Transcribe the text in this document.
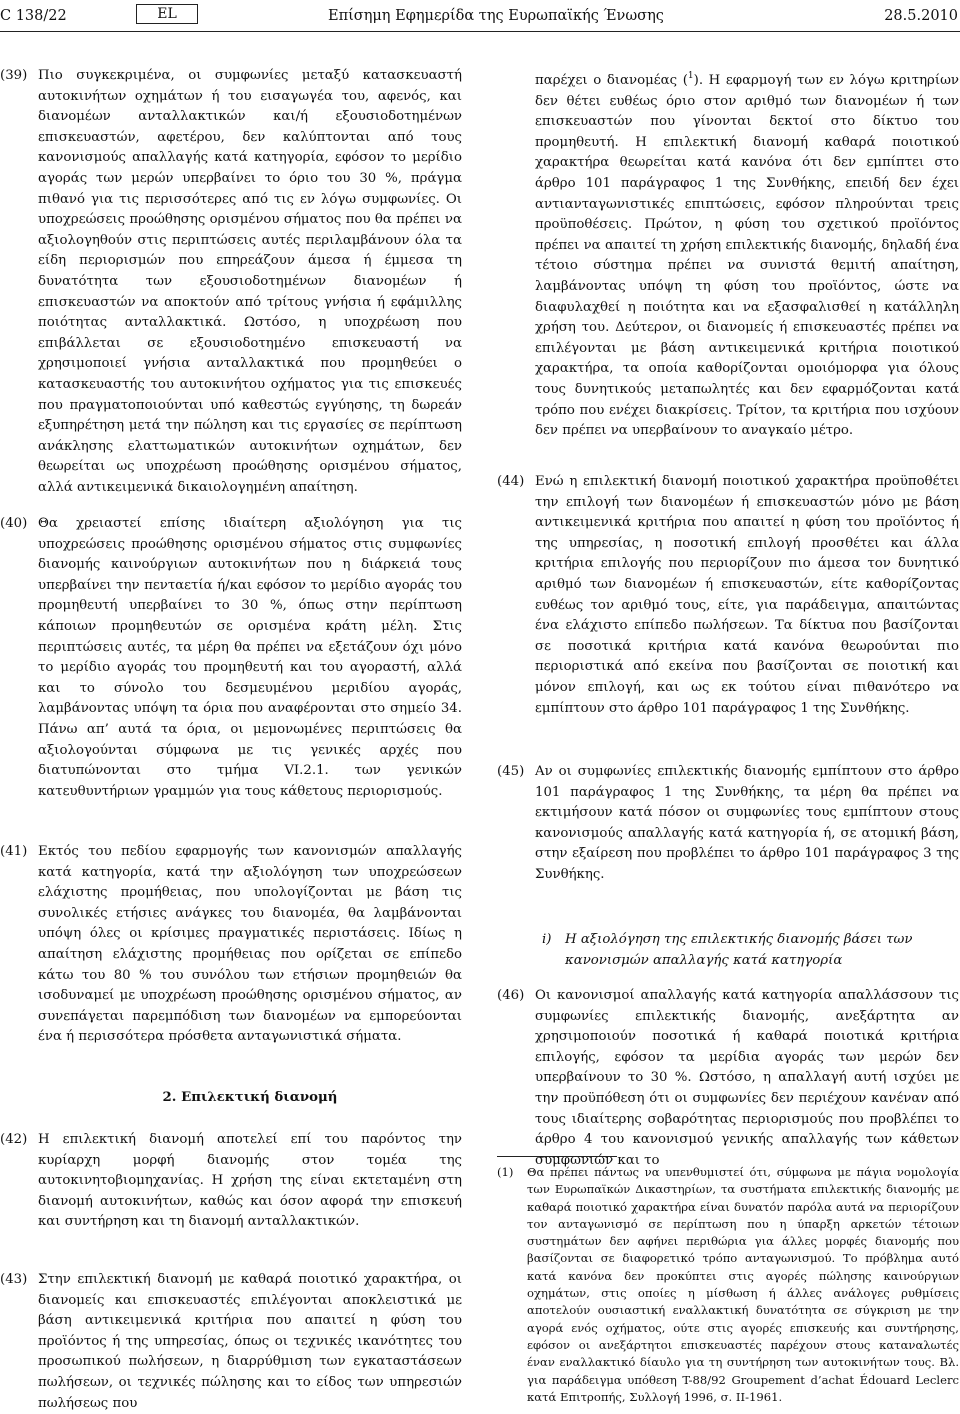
C 138/22	EL	Επίσημη Εφημερίδα της Ευρωπαϊκής Ένωσης	28.5.2010
(39) Πιο συγκεκριμένα, οι συμφωνίες μεταξύ κατασκευαστή αυτοκινήτων οχημάτων ή του εισαγωγέα του, αφενός, και διανομέων ανταλλακτικών και/ή εξουσιοδοτημένων επισκευαστών, αφετέρου, δεν καλύπτονται από τους κανονισμούς απαλλαγής κατά κατηγορία, εφόσον το μερίδιο αγοράς των μερών υπερβαίνει το όριο του 30 %, πράγμα πιθανό για τις περισσότερες από τις εν λόγω συμφωνίες. Οι υποχρεώσεις προώθησης ορισμένου σήματος που θα πρέπει να αξιολογηθούν στις περιπτώσεις αυτές περιλαμβάνουν όλα τα είδη περιορισμών που επηρεάζουν άμεσα ή έμμεσα τη δυνατότητα των εξουσιοδοτημένων διανομέων ή επισκευαστών να αποκτούν από τρίτους γνήσια ή εφάμιλλης ποιότητας ανταλλακτικά. Ωστόσο, η υποχρέωση που επιβάλλεται σε εξουσιοδοτημένο επισκευαστή να χρησιμοποιεί γνήσια ανταλλακτικά που προμηθεύει ο κατασκευαστής του αυτοκινήτου οχήματος για τις επισκευές που πραγματοποιούνται υπό καθεστώς εγγύησης, τη δωρεάν εξυπηρέτηση μετά την πώληση και τις εργασίες σε περίπτωση ανάκλησης ελαττωματικών αυτοκινήτων οχημάτων, δεν θεωρείται ως υποχρέωση προώθησης ορισμένου σήματος, αλλά αντικειμενικά δικαιολογημένη απαίτηση.
(40) Θα χρειαστεί επίσης ιδιαίτερη αξιολόγηση για τις υποχρεώσεις προώθησης ορισμένου σήματος στις συμφωνίες διανομής καινούργιων αυτοκινήτων που η διάρκειά τους υπερβαίνει την πενταετία ή/και εφόσον το μερίδιο αγοράς του προμηθευτή υπερβαίνει το 30 %, όπως στην περίπτωση κάποιων προμηθευτών σε ορισμένα κράτη μέλη. Στις περιπτώσεις αυτές, τα μέρη θα πρέπει να εξετάζουν όχι μόνο το μερίδιο αγοράς του προμηθευτή και του αγοραστή, αλλά και το σύνολο του δεσμευμένου μεριδίου αγοράς, λαμβάνοντας υπόψη τα όρια που αναφέρονται στο σημείο 34. Πάνω απ’ αυτά τα όρια, οι μεμονωμένες περιπτώσεις θα αξιολογούνται σύμφωνα με τις γενικές αρχές που διατυπώνονται στο τμήμα VI.2.1. των γενικών κατευθυντήριων γραμμών για τους κάθετους περιορισμούς.
(41) Εκτός του πεδίου εφαρμογής των κανονισμών απαλλαγής κατά κατηγορία, κατά την αξιολόγηση των υποχρεώσεων ελάχιστης προμήθειας, που υπολογίζονται με βάση τις συνολικές ετήσιες ανάγκες του διανομέα, θα λαμβάνονται υπόψη όλες οι κρίσιμες πραγματικές περιστάσεις. Ιδίως η απαίτηση ελάχιστης προμήθειας που ορίζεται σε επίπεδο κάτω του 80 % του συνόλου των ετήσιων προμηθειών θα ισοδυναμεί με υποχρέωση προώθησης ορισμένου σήματος, αν συνεπάγεται παρεμπόδιση των διανομέων να εμπορεύονται ένα ή περισσότερα πρόσθετα ανταγωνιστικά σήματα.
2. Επιλεκτική διανομή
(42) Η επιλεκτική διανομή αποτελεί επί του παρόντος την κυρίαρχη μορφή διανομής στον τομέα της αυτοκινητοβιομηχανίας. Η χρήση της είναι εκτεταμένη στη διανομή αυτοκινήτων, καθώς και όσον αφορά την επισκευή και συντήρηση και τη διανομή ανταλλακτικών.
(43) Στην επιλεκτική διανομή με καθαρά ποιοτικό χαρακτήρα, οι διανομείς και επισκευαστές επιλέγονται αποκλειστικά με βάση αντικειμενικά κριτήρια που απαιτεί η φύση του προϊόντος ή της υπηρεσίας, όπως οι τεχνικές ικανότητες του προσωπικού πωλήσεων, η διαρρύθμιση των εγκαταστάσεων πωλήσεων, οι τεχνικές πώλησης και το είδος των υπηρεσιών πωλήσεως που
παρέχει ο διανομέας ($^1$). Η εφαρμογή των εν λόγω κριτηρίων δεν θέτει ευθέως όριο στον αριθμό των διανομέων ή των επισκευαστών που γίνονται δεκτοί στο δίκτυο του προμηθευτή. Η επιλεκτική διανομή καθαρά ποιοτικού χαρακτήρα θεωρείται κατά κανόνα ότι δεν εμπίπτει στο άρθρο 101 παράγραφος 1 της Συνθήκης, επειδή δεν έχει αντιανταγωνιστικές επιπτώσεις, εφόσον πληρούνται τρεις προϋποθέσεις. Πρώτον, η φύση του σχετικού προϊόντος πρέπει να απαιτεί τη χρήση επιλεκτικής διανομής, δηλαδή ένα τέτοιο σύστημα πρέπει να συνιστά θεμιτή απαίτηση, λαμβάνοντας υπόψη τη φύση του προϊόντος, ώστε να διαφυλαχθεί η ποιότητα και να εξασφαλισθεί η κατάλληλη χρήση του. Δεύτερον, οι διανομείς ή επισκευαστές πρέπει να επιλέγονται με βάση αντικειμενικά κριτήρια ποιοτικού χαρακτήρα, τα οποία καθορίζονται ομοιόμορφα για όλους τους δυνητικούς μεταπωλητές και δεν εφαρμόζονται κατά τρόπο που ενέχει διακρίσεις. Τρίτον, τα κριτήρια που ισχύουν δεν πρέπει να υπερβαίνουν το αναγκαίο μέτρο.
(44) Ενώ η επιλεκτική διανομή ποιοτικού χαρακτήρα προϋποθέτει την επιλογή των διανομέων ή επισκευαστών μόνο με βάση αντικειμενικά κριτήρια που απαιτεί η φύση του προϊόντος ή της υπηρεσίας, η ποσοτική επιλογή προσθέτει και άλλα κριτήρια επιλογής που περιορίζουν πιο άμεσα τον δυνητικό αριθμό των διανομέων ή επισκευαστών, είτε καθορίζοντας ευθέως τον αριθμό τους, είτε, για παράδειγμα, απαιτώντας ένα ελάχιστο επίπεδο πωλήσεων. Τα δίκτυα που βασίζονται σε ποσοτικά κριτήρια κατά κανόνα θεωρούνται πιο περιοριστικά από εκείνα που βασίζονται σε ποιοτική και μόνον επιλογή, και ως εκ τούτου είναι πιθανότερο να εμπίπτουν στο άρθρο 101 παράγραφος 1 της Συνθήκης.
(45) Αν οι συμφωνίες επιλεκτικής διανομής εμπίπτουν στο άρθρο 101 παράγραφος 1 της Συνθήκης, τα μέρη θα πρέπει να εκτιμήσουν κατά πόσον οι συμφωνίες τους εμπίπτουν στους κανονισμούς απαλλαγής κατά κατηγορία ή, σε ατομική βάση, στην εξαίρεση που προβλέπει το άρθρο 101 παράγραφος 3 της Συνθήκης.
i) Η αξιολόγηση της επιλεκτικής διανομής βάσει των κανονισμών απαλλαγής κατά κατηγορία
(46) Οι κανονισμοί απαλλαγής κατά κατηγορία απαλλάσσουν τις συμφωνίες επιλεκτικής διανομής, ανεξάρτητα αν χρησιμοποιούν ποσοτικά ή καθαρά ποιοτικά κριτήρια επιλογής, εφόσον τα μερίδια αγοράς των μερών δεν υπερβαίνουν το 30 %. Ωστόσο, η απαλλαγή αυτή ισχύει με την προϋπόθεση ότι οι συμφωνίες δεν περιέχουν κανέναν από τους ιδιαίτερης σοβαρότητας περιορισμούς που προβλέπει το άρθρο 4 του κανονισμού γενικής απαλλαγής των κάθετων συμφωνιών και το
(1) Θα πρέπει πάντως να υπενθυμιστεί ότι, σύμφωνα με πάγια νομολογία των Ευρωπαϊκών Δικαστηρίων, τα συστήματα επιλεκτικής διανομής με καθαρά ποιοτικό χαρακτήρα είναι δυνατόν παρόλα αυτά να περιορίζουν τον ανταγωνισμό σε περίπτωση που η ύπαρξη αρκετών τέτοιων συστημάτων δεν αφήνει περιθώρια για άλλες μορφές διανομής που βασίζονται σε διαφορετικό τρόπο ανταγωνισμού. Το πρόβλημα αυτό κατά κανόνα δεν προκύπτει στις αγορές πώλησης καινούργιων οχημάτων, στις οποίες η μίσθωση ή άλλες ανάλογες ρυθμίσεις αποτελούν ουσιαστική εναλλακτική δυνατότητα σε σύγκριση με την αγορά ενός οχήματος, ούτε στις αγορές επισκευής και συντήρησης, εφόσον οι ανεξάρτητοι επισκευαστές παρέχουν στους καταναλωτές έναν εναλλακτικό δίαυλο για τη συντήρηση των αυτοκινήτων τους. Βλ. για παράδειγμα υπόθεση T-88/92 Groupement d’achat Édouard Leclerc κατά Επιτροπής, Συλλογή 1996, σ. II-1961.
